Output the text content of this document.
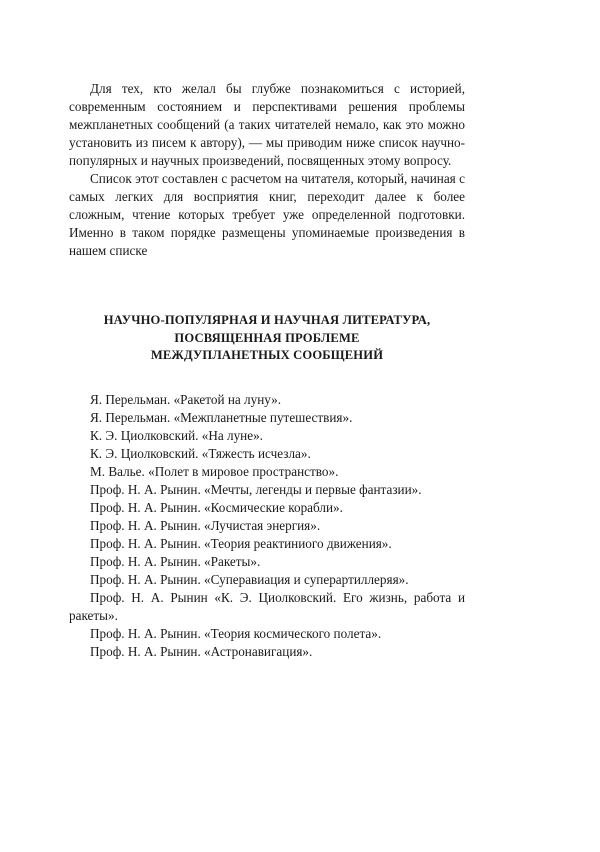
Для тех, кто желал бы глубже познакомиться с историей, современным состоянием и перспективами решения проблемы межпланетных сообщений (а таких читателей немало, как это можно установить из писем к автору), — мы приводим ниже список научно-популярных и научных произведений, посвященных этому вопросу.

Список этот составлен с расчетом на читателя, который, начиная с самых легких для восприятия книг, переходит далее к более сложным, чтение которых требует уже определенной подготовки. Именно в таком порядке размещены упоминаемые произведения в нашем списке

НАУЧНО-ПОПУЛЯРНАЯ И НАУЧНАЯ ЛИТЕРАТУРА,
ПОСВЯЩЕННАЯ ПРОБЛЕМЕ
МЕЖДУПЛАНЕТНЫХ СООБЩЕНИЙ
Я. Перельман. «Ракетой на луну».
Я. Перельман. «Межпланетные путешествия».
К. Э. Циолковский. «На луне».
К. Э. Циолковский. «Тяжесть исчезла».
М. Валье. «Полет в мировое пространство».
Проф. Н. А. Рынин. «Мечты, легенды и первые фантазии».
Проф. Н. А. Рынин. «Космические корабли».
Проф. Н. А. Рынин. «Лучистая энергия».
Проф. Н. А. Рынин. «Теория реактиниого движения».
Проф. Н. А. Рынин. «Ракеты».
Проф. Н. А. Рынин. «Суперавиация и суперартиллеряя».
Проф. Н. А. Рынин «К. Э. Циолковский. Его жизнь, работа и ракеты».
Проф. Н. А. Рынин. «Теория космического полета».
Проф. Н. А. Рынин. «Астронавигация».
